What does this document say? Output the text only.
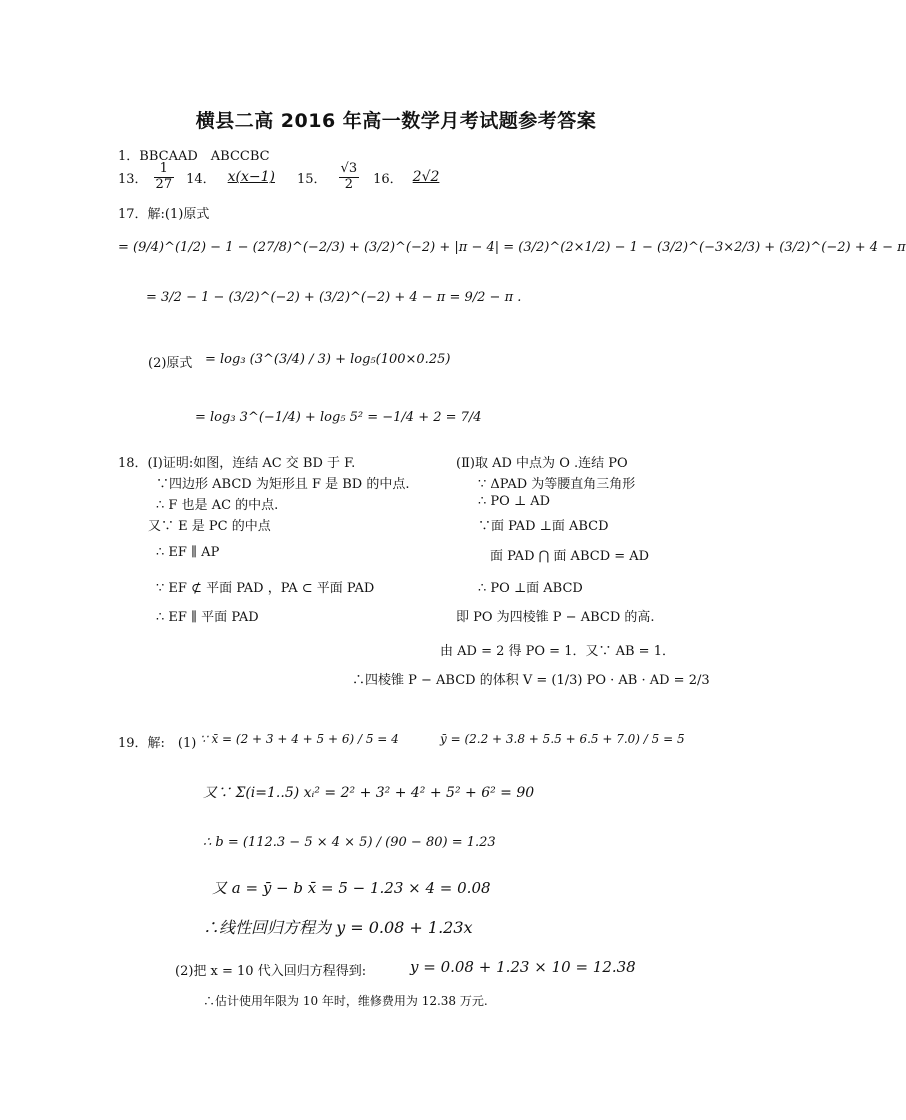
横县二高 2016 年高一数学月考试题参考答案
1．BBCAAD　ABCCBC
13． $\frac{1}{27} 14$． x(x−1) 15． $\frac{√3}{2} 16$． 2√2
17．解:(1)原式
= (9/4)^(1/2) − 1 − (27/8)^(−2/3) + (3/2)^(−2) + |π − 4| = (3/2)^(2×1/2) − 1 − (3/2)^(−3×2/3) + (3/2)^(−2) + 4 − π
= 3/2 − 1 − (3/2)^(−2) + (3/2)^(−2) + 4 − π = 9/2 − π .
(2)原式 = log₃ (3^(3/4) / 3) + log₅(100×0.25)
= log₃ 3^(−1/4) + log₅ 5² = −1/4 + 2 = 7/4
18．(Ⅰ)证明:如图，连结 AC 交 BD 于 F.
∵四边形 ABCD 为矩形且 F 是 BD 的中点.
∴ F 也是 AC 的中点.
又∵ E 是 PC 的中点
∴ EF ∥ AP
∵ EF ⊄ 平面 PAD ，PA ⊂ 平面 PAD
∴ EF ∥ 平面 PAD
(Ⅱ)取 AD 中点为 O .连结 PO
∵ ΔPAD 为等腰直角三角形
∴ PO ⊥ AD
∵面 PAD ⊥面 ABCD
面 PAD ⋂ 面 ABCD = AD
∴ PO ⊥面 ABCD
即 PO 为四棱锥 P − ABCD 的高.
由 AD = 2 得 PO = 1．又∵ AB = 1．
∴四棱锥 P − ABCD 的体积 V = (1/3) PO · AB · AD = 2/3
19．解:　(1) ∵ x̄ = (2 + 3 + 4 + 5 + 6) / 5 = 4	ȳ = (2.2 + 3.8 + 5.5 + 6.5 + 7.0) / 5 = 5
又∵ Σ(i=1..5) xᵢ² = 2² + 3² + 4² + 5² + 6² = 90
∴ b = (112.3 − 5 × 4 × 5) / (90 − 80) = 1.23
又 a = ȳ − b x̄ = 5 − 1.23 × 4 = 0.08
∴线性回归方程为 y = 0.08 + 1.23x
(2)把 x = 10 代入回归方程得到:	y = 0.08 + 1.23 × 10 = 12.38
∴估计使用年限为 10 年时，维修费用为 12.38 万元.
